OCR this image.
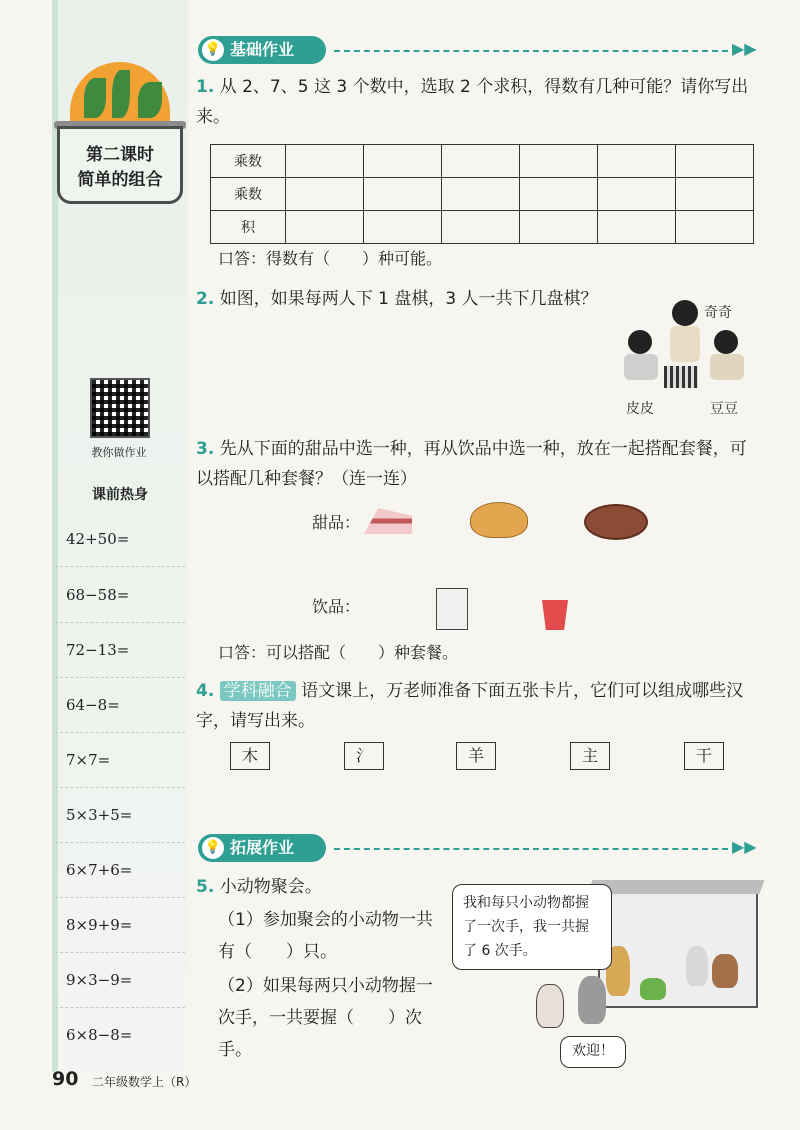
第二课时
简单的组合
教你做作业
课前热身
42+50=
68−58=
72−13=
64−8=
7×7=
5×3+5=
6×7+6=
8×9+9=
9×3−9=
6×8−8=
90 二年级数学上（R）
基础作业
💡	▶▶
1. 从 2、7、5 这 3 个数中，选取 2 个求积，得数有几种可能？请你写出来。
乘数						
乘数						
积						
口答：得数有（　　）种可能。
2. 如图，如果每两人下 1 盘棋，3 人一共下几盘棋？
奇奇
皮皮	豆豆
3. 先从下面的甜品中选一种，再从饮品中选一种，放在一起搭配套餐，可以搭配几种套餐？（连一连）
甜品：
饮品：
口答：可以搭配（　　）种套餐。
4. 学科融合 语文课上，万老师准备下面五张卡片，它们可以组成哪些汉字，请写出来。
木	氵	羊	主	干
拓展作业
💡	▶▶
5. 小动物聚会。
（1）参加聚会的小动物一共有（　　）只。
（2）如果每两只小动物握一次手，一共要握（　　）次手。
我和每只小动物都握了一次手，我一共握了 6 次手。
欢迎！
